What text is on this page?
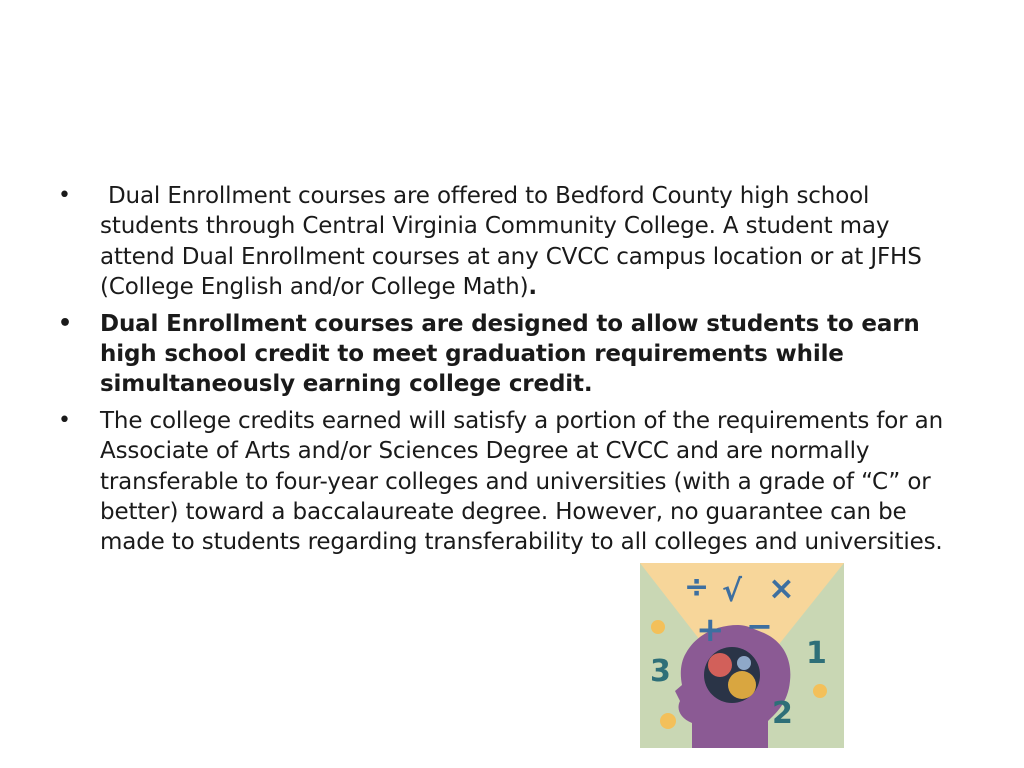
•	Dual Enrollment courses are offered to Bedford County high school students through Central Virginia Community College. A student may attend Dual Enrollment courses at any CVCC campus location or at JFHS (College English and/or College Math).
• Dual Enrollment courses are designed to allow students to earn high school credit to meet graduation requirements while simultaneously earning college credit.
•	The college credits earned will satisfy a portion of the requirements for an Associate of Arts and/or Sciences Degree at CVCC and are normally transferable to four-year colleges and universities (with a grade of “C” or better) toward a baccalaureate degree. However, no guarantee can be made to students regarding transferability to all colleges and universities.
÷ √ ×
+ −
1
2
3
